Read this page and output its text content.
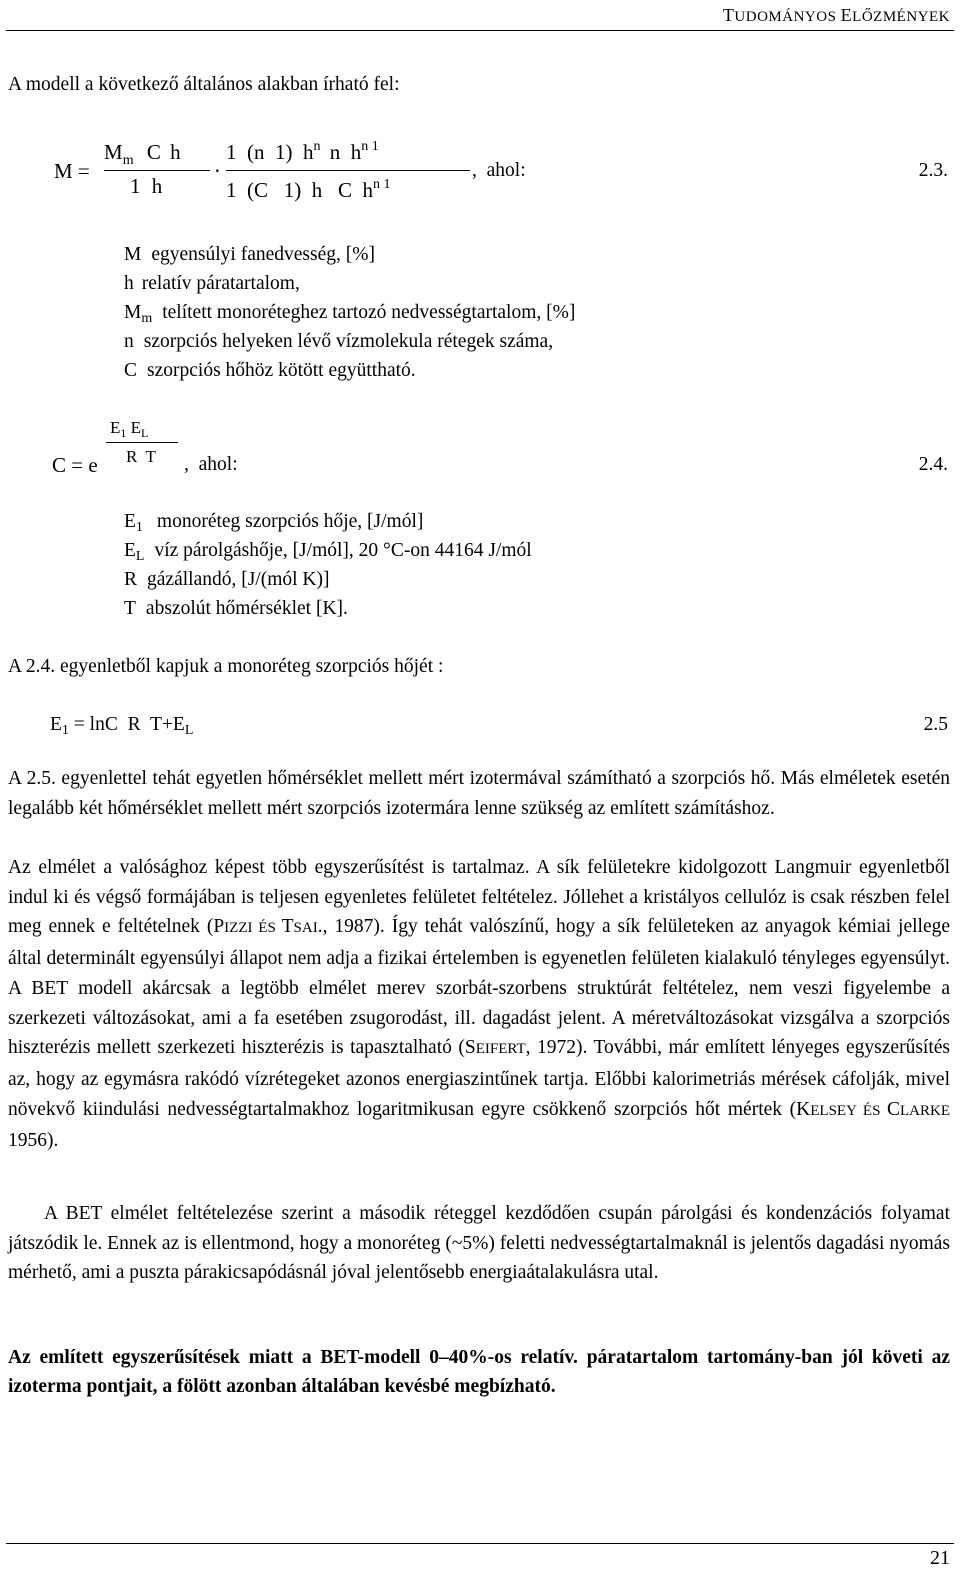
TUDOMÁNYOS ELŐZMÉNYEK
A modell a következő általános alakban írható fel:
M =
$M_m$ C h
1 h
⋅
1  (n  1)  $h^n$ n  $h^{n 1}$
1  (C   1)  h   C  $h^{n 1}$
,  ahol:	2.3.
M egyensúlyi fanedvesség, [%]
h relatív páratartalom,
$M_m$ telített monoréteghez tartozó nedvességtartalom, [%]
n szorpciós helyeken lévő vízmolekula rétegek száma,
C szorpciós hőhöz kötött együttható.
C = e
$E_1$ $E_L$
R  T ,  ahol:	2.4.
$E_1$ monoréteg szorpciós hője, [J/mól]
$E_L$ víz párolgáshője, [J/mól], 20 °C-on 44164 J/mól
R gázállandó, [J/(mól K)]
T abszolút hőmérséklet [K].
A 2.4. egyenletből kapjuk a monoréteg szorpciós hőjét :
$E_1 = \ln C$  R  $T+E_L$	2.5
A 2.5. egyenlettel tehát egyetlen hőmérséklet mellett mért izotermával számítható a szorpciós hő. Más elméletek esetén legalább két hőmérséklet mellett mért szorpciós izotermára lenne szükség az említett számításhoz.
Az elmélet a valósághoz képest több egyszerűsítést is tartalmaz. A sík felületekre kidolgozott Langmuir egyenletből indul ki és végső formájában is teljesen egyenletes felületet feltételez. Jóllehet a kristályos cellulóz is csak részben felel meg ennek e feltételnek (PIZZI ÉS TSAI., 1987). Így tehát valószínű, hogy a sík felületeken az anyagok kémiai jellege által determinált egyensúlyi állapot nem adja a fizikai értelemben is egyenetlen felületen kialakuló tényleges egyensúlyt. A BET modell akárcsak a legtöbb elmélet merev szorbát-szorbens struktúrát feltételez, nem veszi figyelembe a szerkezeti változásokat, ami a fa esetében zsugorodást, ill. dagadást jelent. A méretváltozásokat vizsgálva a szorpciós hiszterézis mellett szerkezeti hiszterézis is tapasztalható (SEIFERT, 1972). További, már említett lényeges egyszerűsítés az, hogy az egymásra rakódó vízrétegeket azonos energiaszintűnek tartja. Előbbi kalorimetriás mérések cáfolják, mivel növekvő kiindulási nedvességtartalmakhoz logaritmikusan egyre csökkenő szorpciós hőt mértek (KELSEY ÉS CLARKE 1956).
A BET elmélet feltételezése szerint a második réteggel kezdődően csupán párolgási és kondenzációs folyamat játszódik le. Ennek az is ellentmond, hogy a monoréteg (~5%) feletti nedvességtartalmaknál is jelentős dagadási nyomás mérhető, ami a puszta párakicsapódásnál jóval jelentősebb energiaátalakulásra utal.
Az említett egyszerűsítések miatt a BET-modell 0–40%-os relatív. páratartalom tartomány-ban jól követi az izoterma pontjait, a fölött azonban általában kevésbé megbízható.
21
